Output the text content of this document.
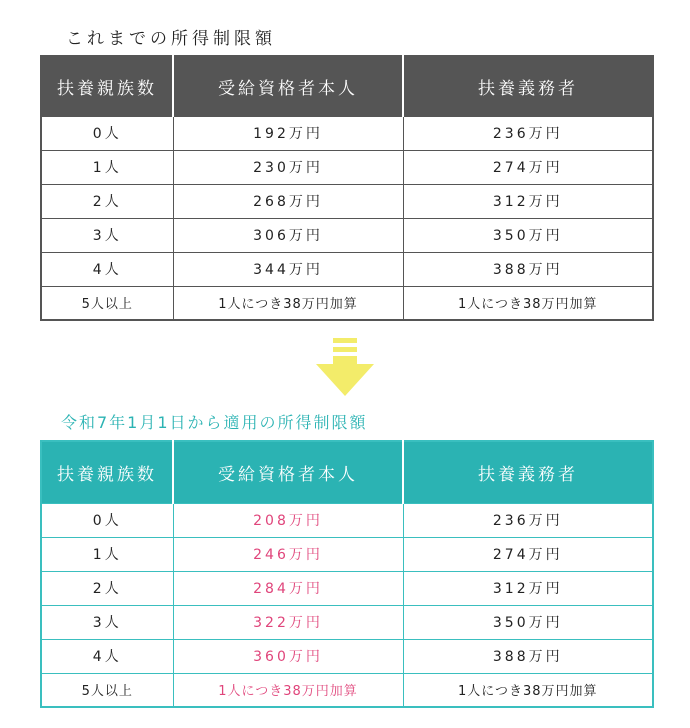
これまでの所得制限額
扶養親族数	受給資格者本人	扶養義務者
0人	192万円	236万円
1人	230万円	274万円
2人	268万円	312万円
3人	306万円	350万円
4人	344万円	388万円
5人以上	1人につき38万円加算	1人につき38万円加算
令和7年1月1日から適用の所得制限額
扶養親族数	受給資格者本人	扶養義務者
0人	208万円	236万円
1人	246万円	274万円
2人	284万円	312万円
3人	322万円	350万円
4人	360万円	388万円
5人以上	1人につき38万円加算	1人につき38万円加算
